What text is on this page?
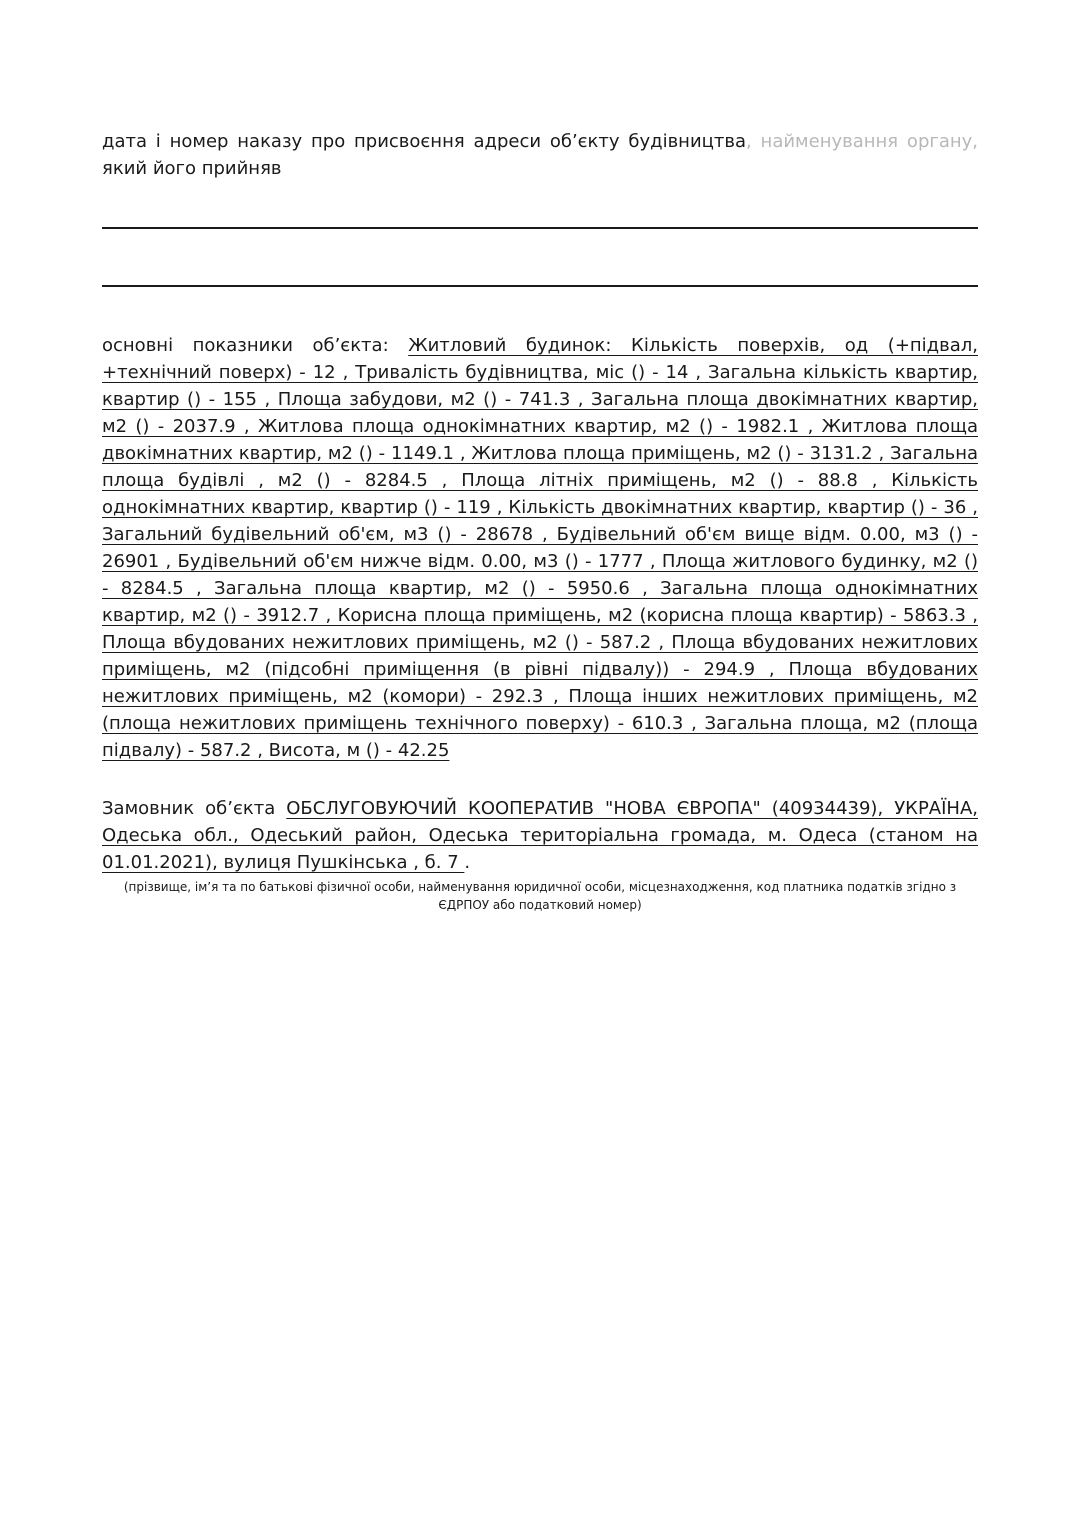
дата і номер наказу про присвоєння адреси об’єкту будівництва, найменування органу, який його прийняв

основні показники об’єкта: Житловий будинок: Кількість поверхів, од (+підвал, +технічний поверх) - 12 , Тривалість будівництва, міс () - 14 , Загальна кількість квартир, квартир () - 155 , Площа забудови, м2 () - 741.3 , Загальна площа двокімнатних квартир, м2 () - 2037.9 , Житлова площа однокімнатних квартир, м2 () - 1982.1 , Житлова площа двокімнатних квартир, м2 () - 1149.1 , Житлова площа приміщень, м2 () - 3131.2 , Загальна площа будівлі , м2 () - 8284.5 , Площа літніх приміщень, м2 () - 88.8 , Кількість однокімнатних квартир, квартир () - 119 , Кількість двокімнатних квартир, квартир () - 36 , Загальний будівельний об'єм, м3 () - 28678 , Будівельний об'єм вище відм. 0.00, м3 () - 26901 , Будівельний об'єм нижче відм. 0.00, м3 () - 1777 , Площа житлового будинку, м2 () - 8284.5 , Загальна площа квартир, м2 () - 5950.6 , Загальна площа однокімнатних квартир, м2 () - 3912.7 , Корисна площа приміщень, м2 (корисна площа квартир) - 5863.3 , Площа вбудованих нежитлових приміщень, м2 () - 587.2 , Площа вбудованих нежитлових приміщень, м2 (підсобні приміщення (в рівні підвалу)) - 294.9 , Площа вбудованих нежитлових приміщень, м2 (комори) - 292.3 , Площа інших нежитлових приміщень, м2 (площа нежитлових приміщень технічного поверху) - 610.3 , Загальна площа, м2 (площа підвалу) - 587.2 , Висота, м () - 42.25

Замовник об’єкта ОБСЛУГОВУЮЧИЙ КООПЕРАТИВ "НОВА ЄВРОПА" (40934439), УКРАЇНА, Одеська обл., Одеський район, Одеська територіальна громада, м. Одеса (станом на 01.01.2021), вулиця Пушкінська , б. 7 .

(прізвище, ім’я та по батькові фізичної особи, найменування юридичної особи, місцезнаходження, код платника податків згідно з ЄДРПОУ або податковий номер)
